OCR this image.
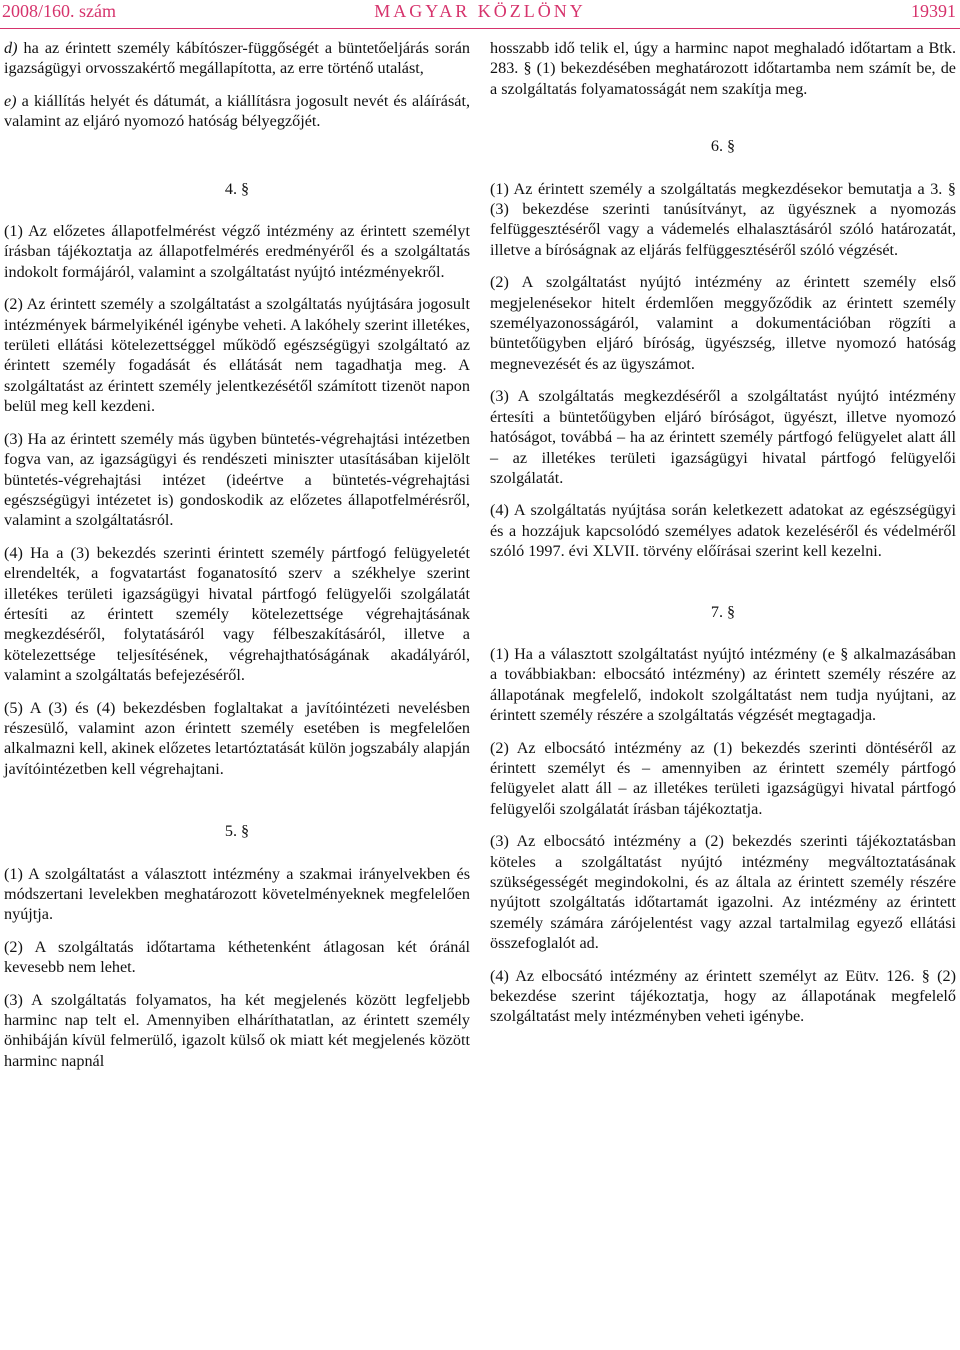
2008/160. szám	MAGYAR KÖZLÖNY	19391

d) ha az érintett személy kábítószer-függőségét a büntetőeljárás során igazságügyi orvosszakértő megállapította, az erre történő utalást,

e) a kiállítás helyét és dátumát, a kiállításra jogosult nevét és aláírását, valamint az eljáró nyomozó hatóság bélyegzőjét.

4. §

(1) Az előzetes állapotfelmérést végző intézmény az érintett személyt írásban tájékoztatja az állapotfelmérés eredményéről és a szolgáltatás indokolt formájáról, valamint a szolgáltatást nyújtó intézményekről.

(2) Az érintett személy a szolgáltatást a szolgáltatás nyújtására jogosult intézmények bármelyikénél igénybe veheti. A lakóhely szerint illetékes, területi ellátási kötelezettséggel működő egészségügyi szolgáltató az érintett személy fogadását és ellátását nem tagadhatja meg. A szolgáltatást az érintett személy jelentkezésétől számított tizenöt napon belül meg kell kezdeni.

(3) Ha az érintett személy más ügyben büntetés-végrehajtási intézetben fogva van, az igazságügyi és rendészeti miniszter utasításában kijelölt büntetés-végrehajtási intézet (ideértve a büntetés-végrehajtási egészségügyi intézetet is) gondoskodik az előzetes állapotfelmérésről, valamint a szolgáltatásról.

(4) Ha a (3) bekezdés szerinti érintett személy pártfogó felügyeletét elrendelték, a fogvatartást foganatosító szerv a székhelye szerint illetékes területi igazságügyi hivatal pártfogó felügyelői szolgálatát értesíti az érintett személy kötelezettsége végrehajtásának megkezdéséről, folytatásáról vagy félbeszakításáról, illetve a kötelezettsége teljesítésének, végrehajthatóságának akadályáról, valamint a szolgáltatás befejezéséről.

(5) A (3) és (4) bekezdésben foglaltakat a javítóintézeti nevelésben részesülő, valamint azon érintett személy esetében is megfelelően alkalmazni kell, akinek előzetes letartóztatását külön jogszabály alapján javítóintézetben kell végrehajtani.

5. §

(1) A szolgáltatást a választott intézmény a szakmai irányelvekben és módszertani levelekben meghatározott követelményeknek megfelelően nyújtja.

(2) A szolgáltatás időtartama kéthetenként átlagosan két óránál kevesebb nem lehet.

(3) A szolgáltatás folyamatos, ha két megjelenés között legfeljebb harminc nap telt el. Amennyiben elháríthatatlan, az érintett személy önhibáján kívül felmerülő, igazolt külső ok miatt két megjelenés között harminc napnál

hosszabb idő telik el, úgy a harminc napot meghaladó időtartam a Btk. 283. § (1) bekezdésében meghatározott időtartamba nem számít be, de a szolgáltatás folyamatosságát nem szakítja meg.

6. §

(1) Az érintett személy a szolgáltatás megkezdésekor bemutatja a 3. § (3) bekezdése szerinti tanúsítványt, az ügyésznek a nyomozás felfüggesztéséről vagy a vádemelés elhalasztásáról szóló határozatát, illetve a bíróságnak az eljárás felfüggesztéséről szóló végzését.

(2) A szolgáltatást nyújtó intézmény az érintett személy első megjelenésekor hitelt érdemlően meggyőződik az érintett személy személyazonosságáról, valamint a dokumentációban rögzíti a büntetőügyben eljáró bíróság, ügyészség, illetve nyomozó hatóság megnevezését és az ügyszámot.

(3) A szolgáltatás megkezdéséről a szolgáltatást nyújtó intézmény értesíti a büntetőügyben eljáró bíróságot, ügyészt, illetve nyomozó hatóságot, továbbá – ha az érintett személy pártfogó felügyelet alatt áll – az illetékes területi igazságügyi hivatal pártfogó felügyelői szolgálatát.

(4) A szolgáltatás nyújtása során keletkezett adatokat az egészségügyi és a hozzájuk kapcsolódó személyes adatok kezeléséről és védelméről szóló 1997. évi XLVII. törvény előírásai szerint kell kezelni.

7. §

(1) Ha a választott szolgáltatást nyújtó intézmény (e § alkalmazásában a továbbiakban: elbocsátó intézmény) az érintett személy részére az állapotának megfelelő, indokolt szolgáltatást nem tudja nyújtani, az érintett személy részére a szolgáltatás végzését megtagadja.

(2) Az elbocsátó intézmény az (1) bekezdés szerinti döntéséről az érintett személyt és – amennyiben az érintett személy pártfogó felügyelet alatt áll – az illetékes területi igazságügyi hivatal pártfogó felügyelői szolgálatát írásban tájékoztatja.

(3) Az elbocsátó intézmény a (2) bekezdés szerinti tájékoztatásban köteles a szolgáltatást nyújtó intézmény megváltoztatásának szükségességét megindokolni, és az általa az érintett személy részére nyújtott szolgáltatás időtartamát igazolni. Az intézmény az érintett személy számára zárójelentést vagy azzal tartalmilag egyező ellátási összefoglalót ad.

(4) Az elbocsátó intézmény az érintett személyt az Eütv. 126. § (2) bekezdése szerint tájékoztatja, hogy az állapotának megfelelő szolgáltatást mely intézményben veheti igénybe.
